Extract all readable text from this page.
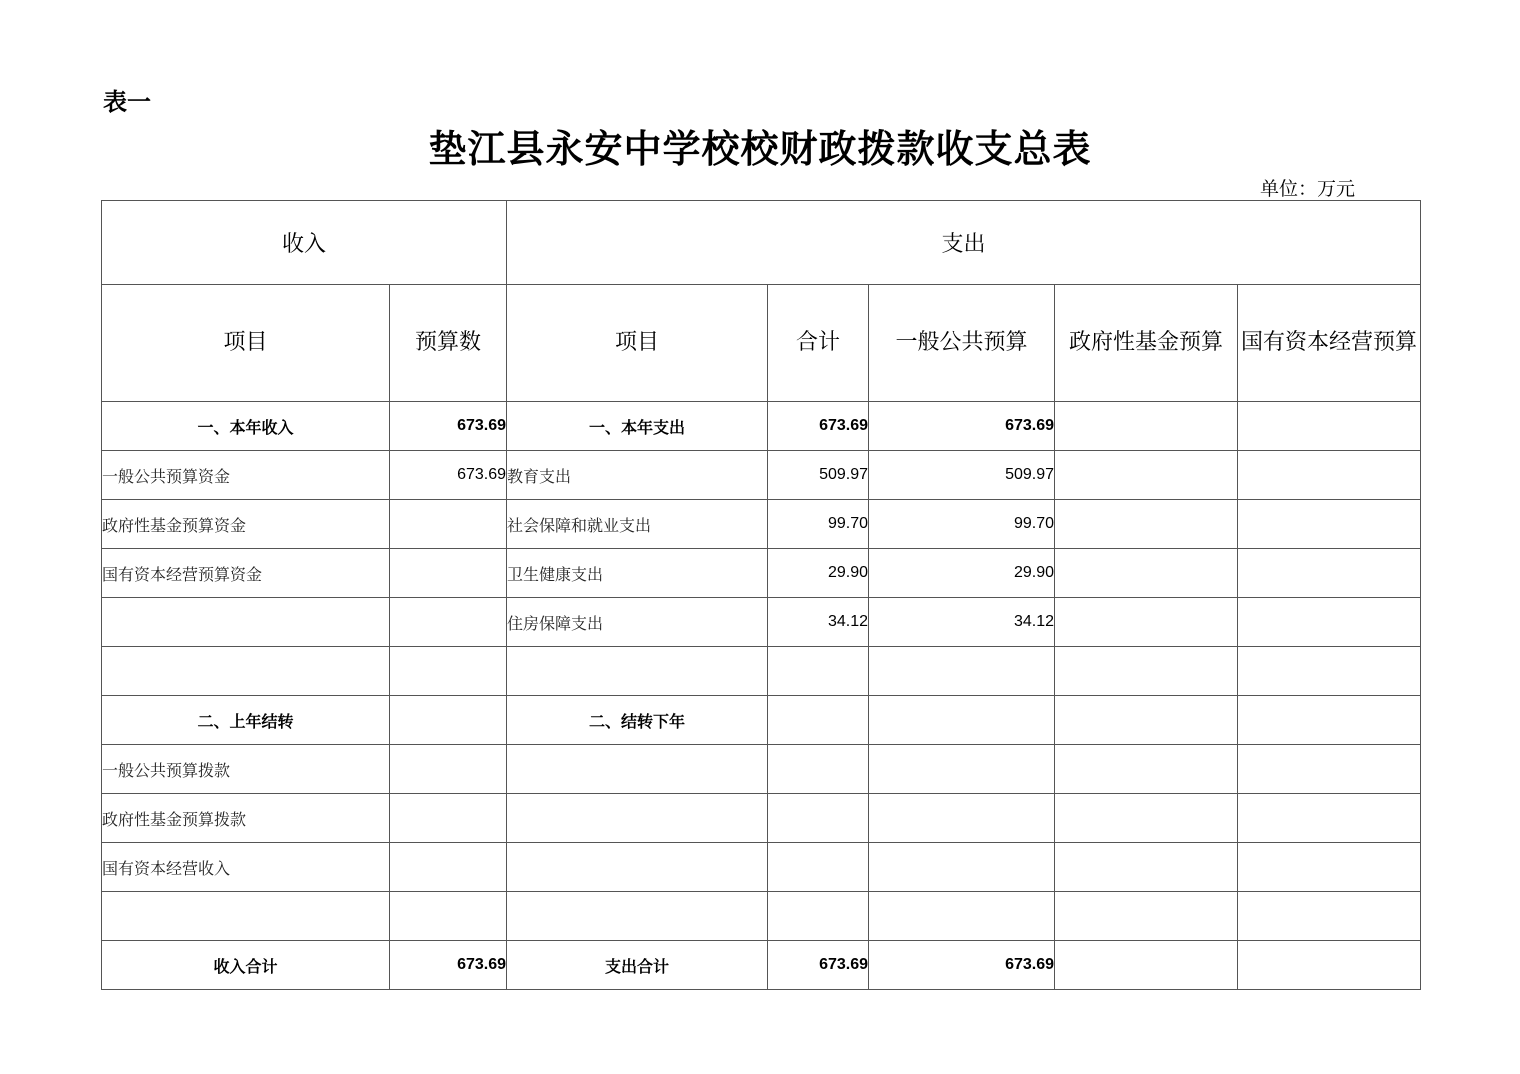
表一
垫江县永安中学校校财政拨款收支总表
单位：万元
收入		支出				
项目	预算数	项目	合计	一般公共预算	政府性基金预算	国有资本经营预算
一、本年收入	673.69	一、本年支出	673.69	673.69		
一般公共预算资金	673.69	教育支出	509.97	509.97		
政府性基金预算资金		社会保障和就业支出	99.70	99.70		
国有资本经营预算资金		卫生健康支出	29.90	29.90		
		住房保障支出	34.12	34.12		

二、上年结转		二、结转下年				
一般公共预算拨款						
政府性基金预算拨款						
国有资本经营收入						

收入合计	673.69	支出合计	673.69	673.69		
